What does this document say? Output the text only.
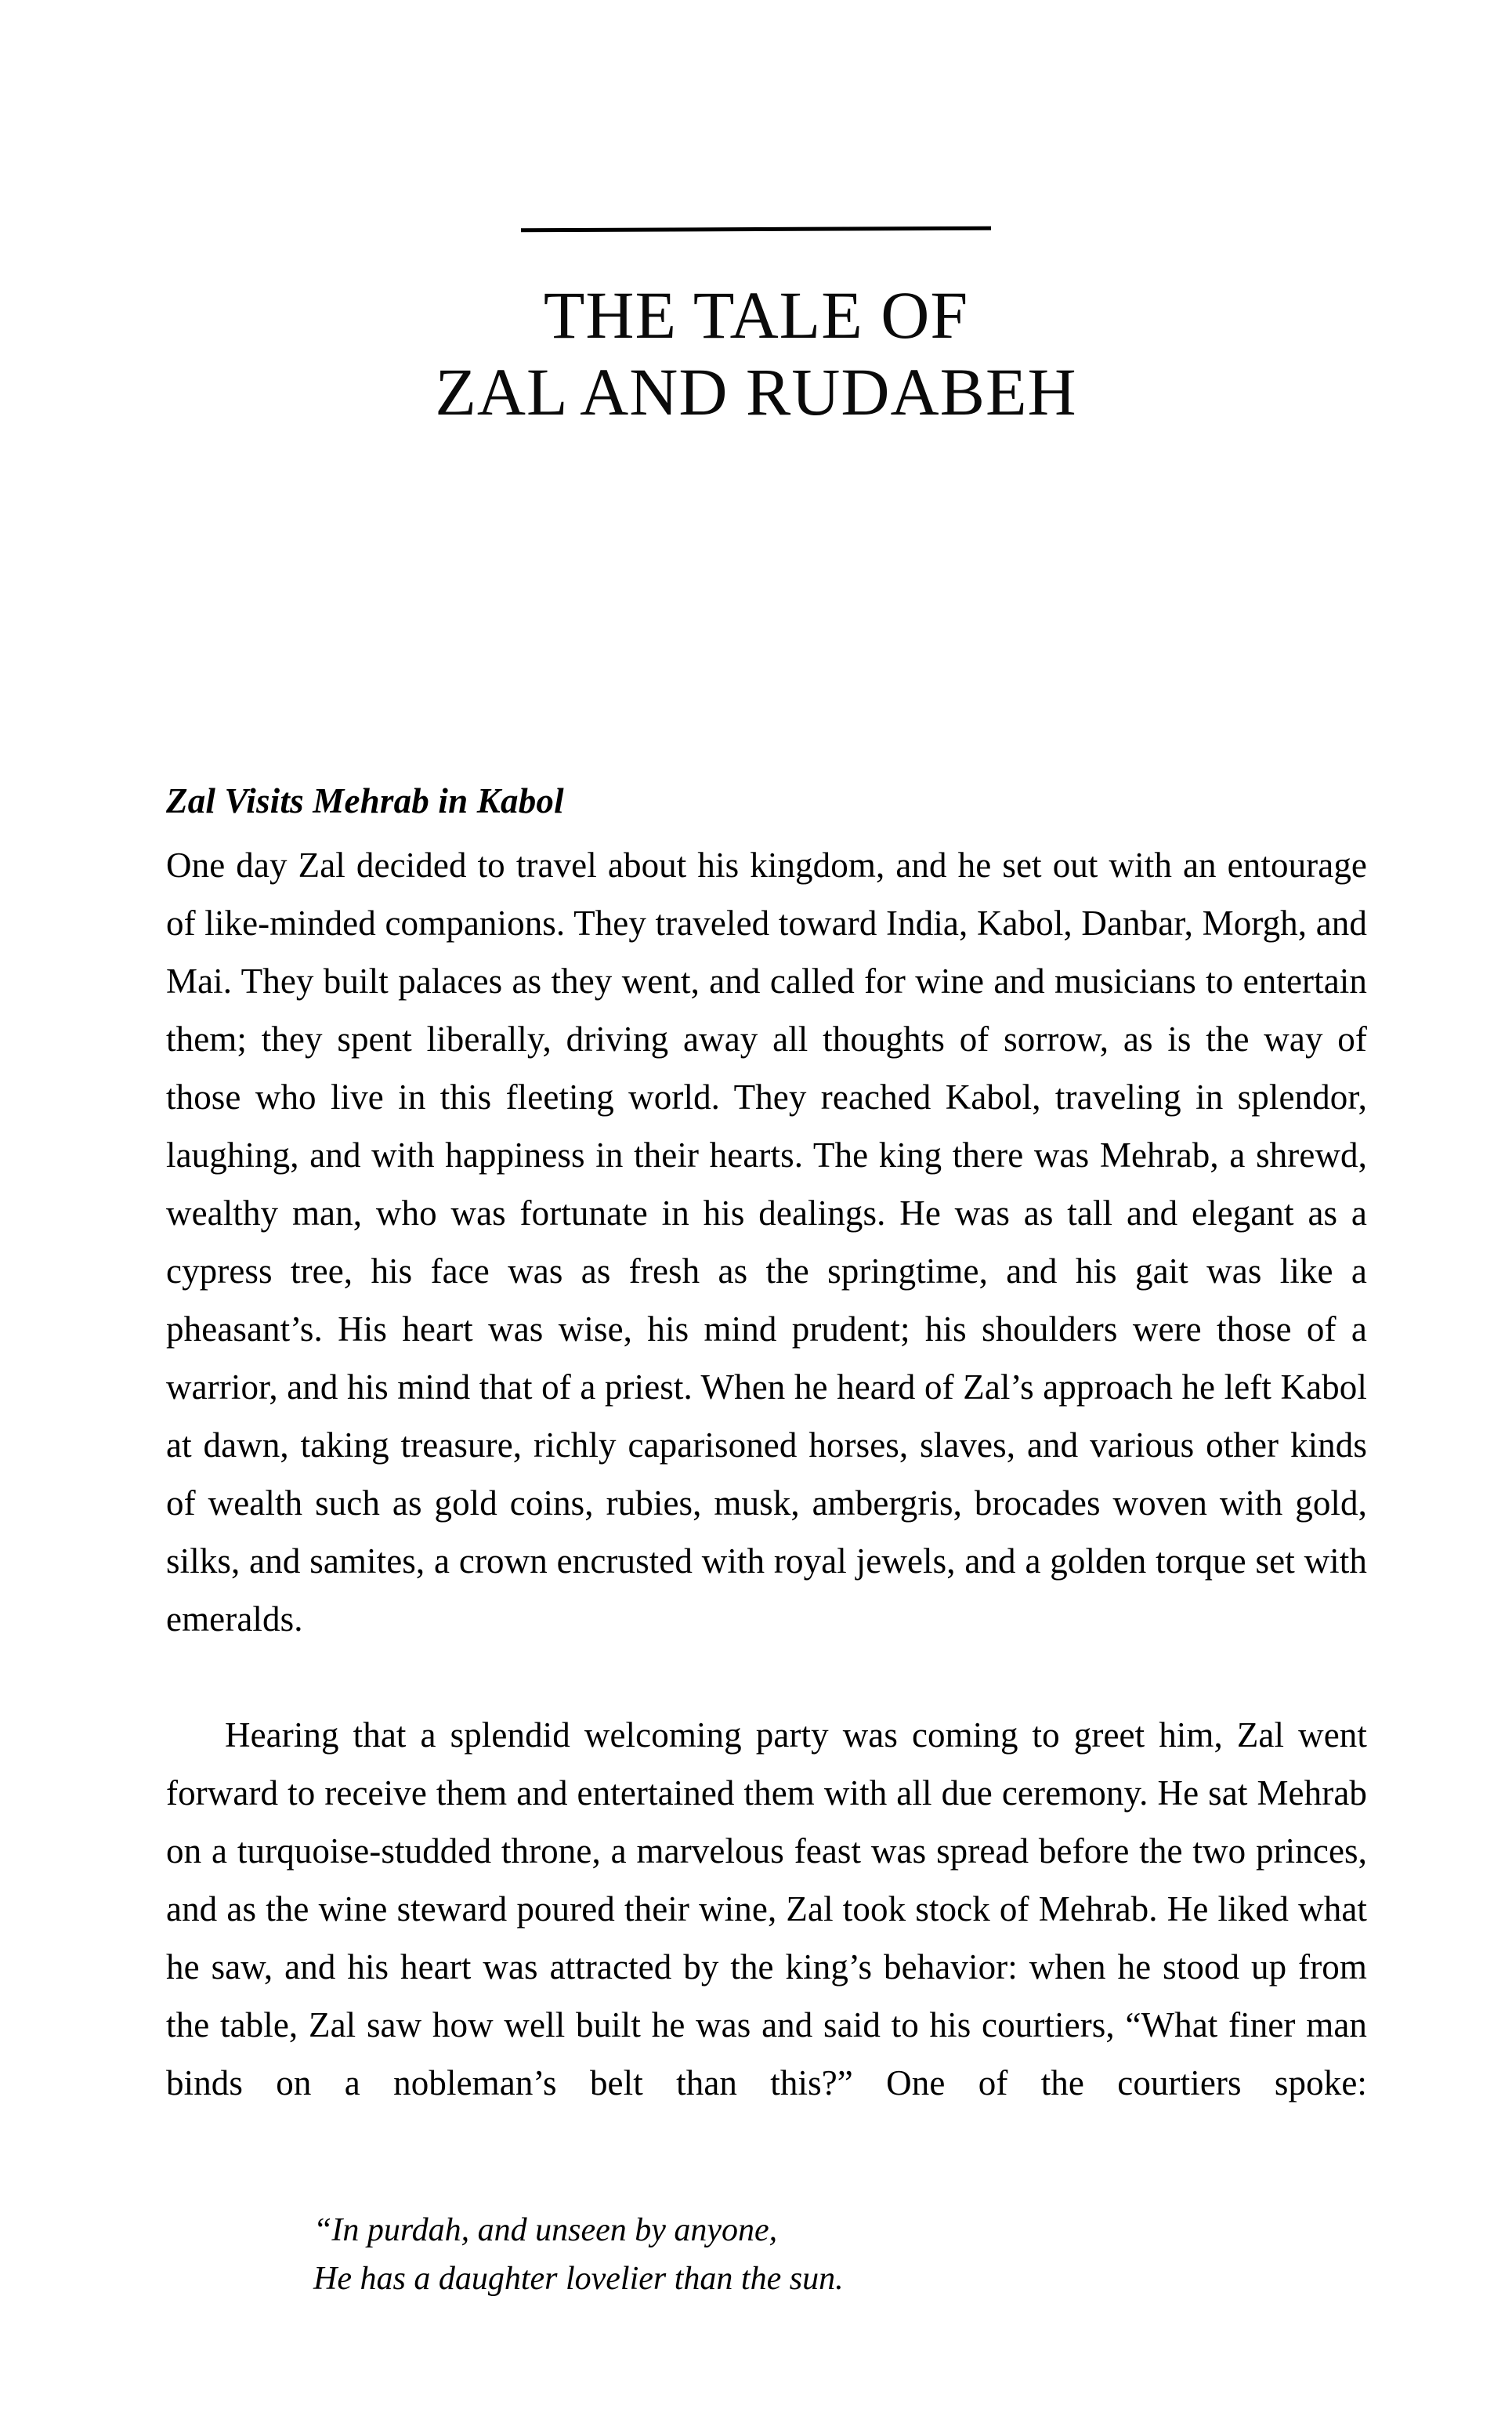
THE TALE OF
ZAL AND RUDABEH
Zal Visits Mehrab in Kabol

One day Zal decided to travel about his kingdom, and he set out with an entourage of like-minded companions. They traveled toward India, Kabol, Danbar, Morgh, and Mai. They built palaces as they went, and called for wine and musicians to entertain them; they spent liberally, driving away all thoughts of sorrow, as is the way of those who live in this fleeting world. They reached Kabol, traveling in splendor, laughing, and with happiness in their hearts. The king there was Mehrab, a shrewd, wealthy man, who was fortunate in his dealings. He was as tall and elegant as a cypress tree, his face was as fresh as the springtime, and his gait was like a pheasant’s. His heart was wise, his mind prudent; his shoulders were those of a warrior, and his mind that of a priest. When he heard of Zal’s approach he left Kabol at dawn, taking treasure, richly caparisoned horses, slaves, and various other kinds of wealth such as gold coins, rubies, musk, ambergris, brocades woven with gold, silks, and samites, a crown encrusted with royal jewels, and a golden torque set with emeralds.

Hearing that a splendid welcoming party was coming to greet him, Zal went forward to receive them and entertained them with all due ceremony. He sat Mehrab on a turquoise-studded throne, a marvelous feast was spread before the two princes, and as the wine steward poured their wine, Zal took stock of Mehrab. He liked what he saw, and his heart was attracted by the king’s behavior: when he stood up from the table, Zal saw how well built he was and said to his courtiers, “What finer man binds on a nobleman’s belt than this?” One of the courtiers spoke:

“In purdah, and unseen by anyone,
He has a daughter lovelier than the sun.
